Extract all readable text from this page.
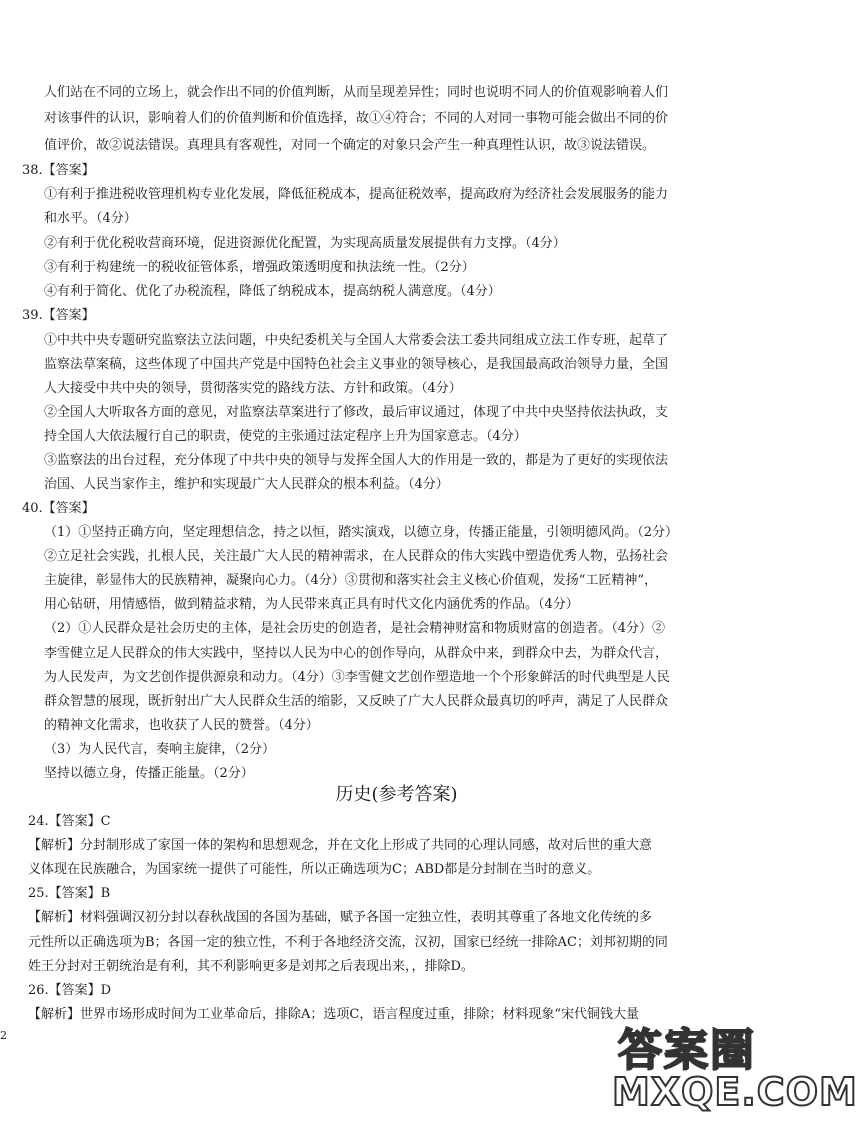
人们站在不同的立场上，就会作出不同的价值判断，从而呈现差异性；同时也说明不同人的价值观影响着人们
对该事件的认识，影响着人们的价值判断和价值选择，故①④符合；不同的人对同一事物可能会做出不同的价
值评价，故②说法错误。真理具有客观性，对同一个确定的对象只会产生一种真理性认识，故③说法错误。
38.【答案】
①有利于推进税收管理机构专业化发展，降低征税成本，提高征税效率，提高政府为经济社会发展服务的能力
和水平。（4分）
②有利于优化税收营商环境，促进资源优化配置，为实现高质量发展提供有力支撑。（4分）
③有利于构建统一的税收征管体系，增强政策透明度和执法统一性。（2分）
④有利于简化、优化了办税流程，降低了纳税成本，提高纳税人满意度。（4分）
39.【答案】
①中共中央专题研究监察法立法问题，中央纪委机关与全国人大常委会法工委共同组成立法工作专班，起草了
监察法草案稿，这些体现了中国共产党是中国特色社会主义事业的领导核心，是我国最高政治领导力量，全国
人大接受中共中央的领导，贯彻落实党的路线方法、方针和政策。（4分）
②全国人大听取各方面的意见，对监察法草案进行了修改，最后审议通过，体现了中共中央坚持依法执政，支
持全国人大依法履行自己的职责，使党的主张通过法定程序上升为国家意志。（4分）
③监察法的出台过程，充分体现了中共中央的领导与发挥全国人大的作用是一致的，都是为了更好的实现依法
治国、人民当家作主，维护和实现最广大人民群众的根本利益。（4分）
40.【答案】
（1）①坚持正确方向，坚定理想信念，持之以恒，踏实演戏，以德立身，传播正能量，引领明德风尚。（2分）
②立足社会实践，扎根人民，关注最广大人民的精神需求，在人民群众的伟大实践中塑造优秀人物，弘扬社会
主旋律，彰显伟大的民族精神，凝聚向心力。（4分）③贯彻和落实社会主义核心价值观，发扬“工匠精神”，
用心钻研，用情感悟，做到精益求精，为人民带来真正具有时代文化内涵优秀的作品。（4分）
（2）①人民群众是社会历史的主体，是社会历史的创造者，是社会精神财富和物质财富的创造者。（4分）②
李雪健立足人民群众的伟大实践中，坚持以人民为中心的创作导向，从群众中来，到群众中去，为群众代言，
为人民发声，为文艺创作提供源泉和动力。（4分）③李雪健文艺创作塑造地一个个形象鲜活的时代典型是人民
群众智慧的展现，既折射出广大人民群众生活的缩影，又反映了广大人民群众最真切的呼声，满足了人民群众
的精神文化需求，也收获了人民的赞誉。（4分）
（3）为人民代言，奏响主旋律，（2分）
坚持以德立身，传播正能量。（2分）
历史(参考答案)
24.【答案】C
【解析】分封制形成了家国一体的架构和思想观念，并在文化上形成了共同的心理认同感，故对后世的重大意
义体现在民族融合，为国家统一提供了可能性，所以正确选项为C；ABD都是分封制在当时的意义。
25.【答案】B
【解析】材料强调汉初分封以春秋战国的各国为基础，赋予各国一定独立性，表明其尊重了各地文化传统的多
元性所以正确选项为B；各国一定的独立性，不利于各地经济交流，汉初，国家已经统一排除AC；刘邦初期的同
姓王分封对王朝统治是有利，其不利影响更多是刘邦之后表现出来，，排除D。
26.【答案】D
【解析】世界市场形成时间为工业革命后，排除A；选项C，语言程度过重，排除；材料现象“宋代铜钱大量
2	答案圈
MXQE.COM
